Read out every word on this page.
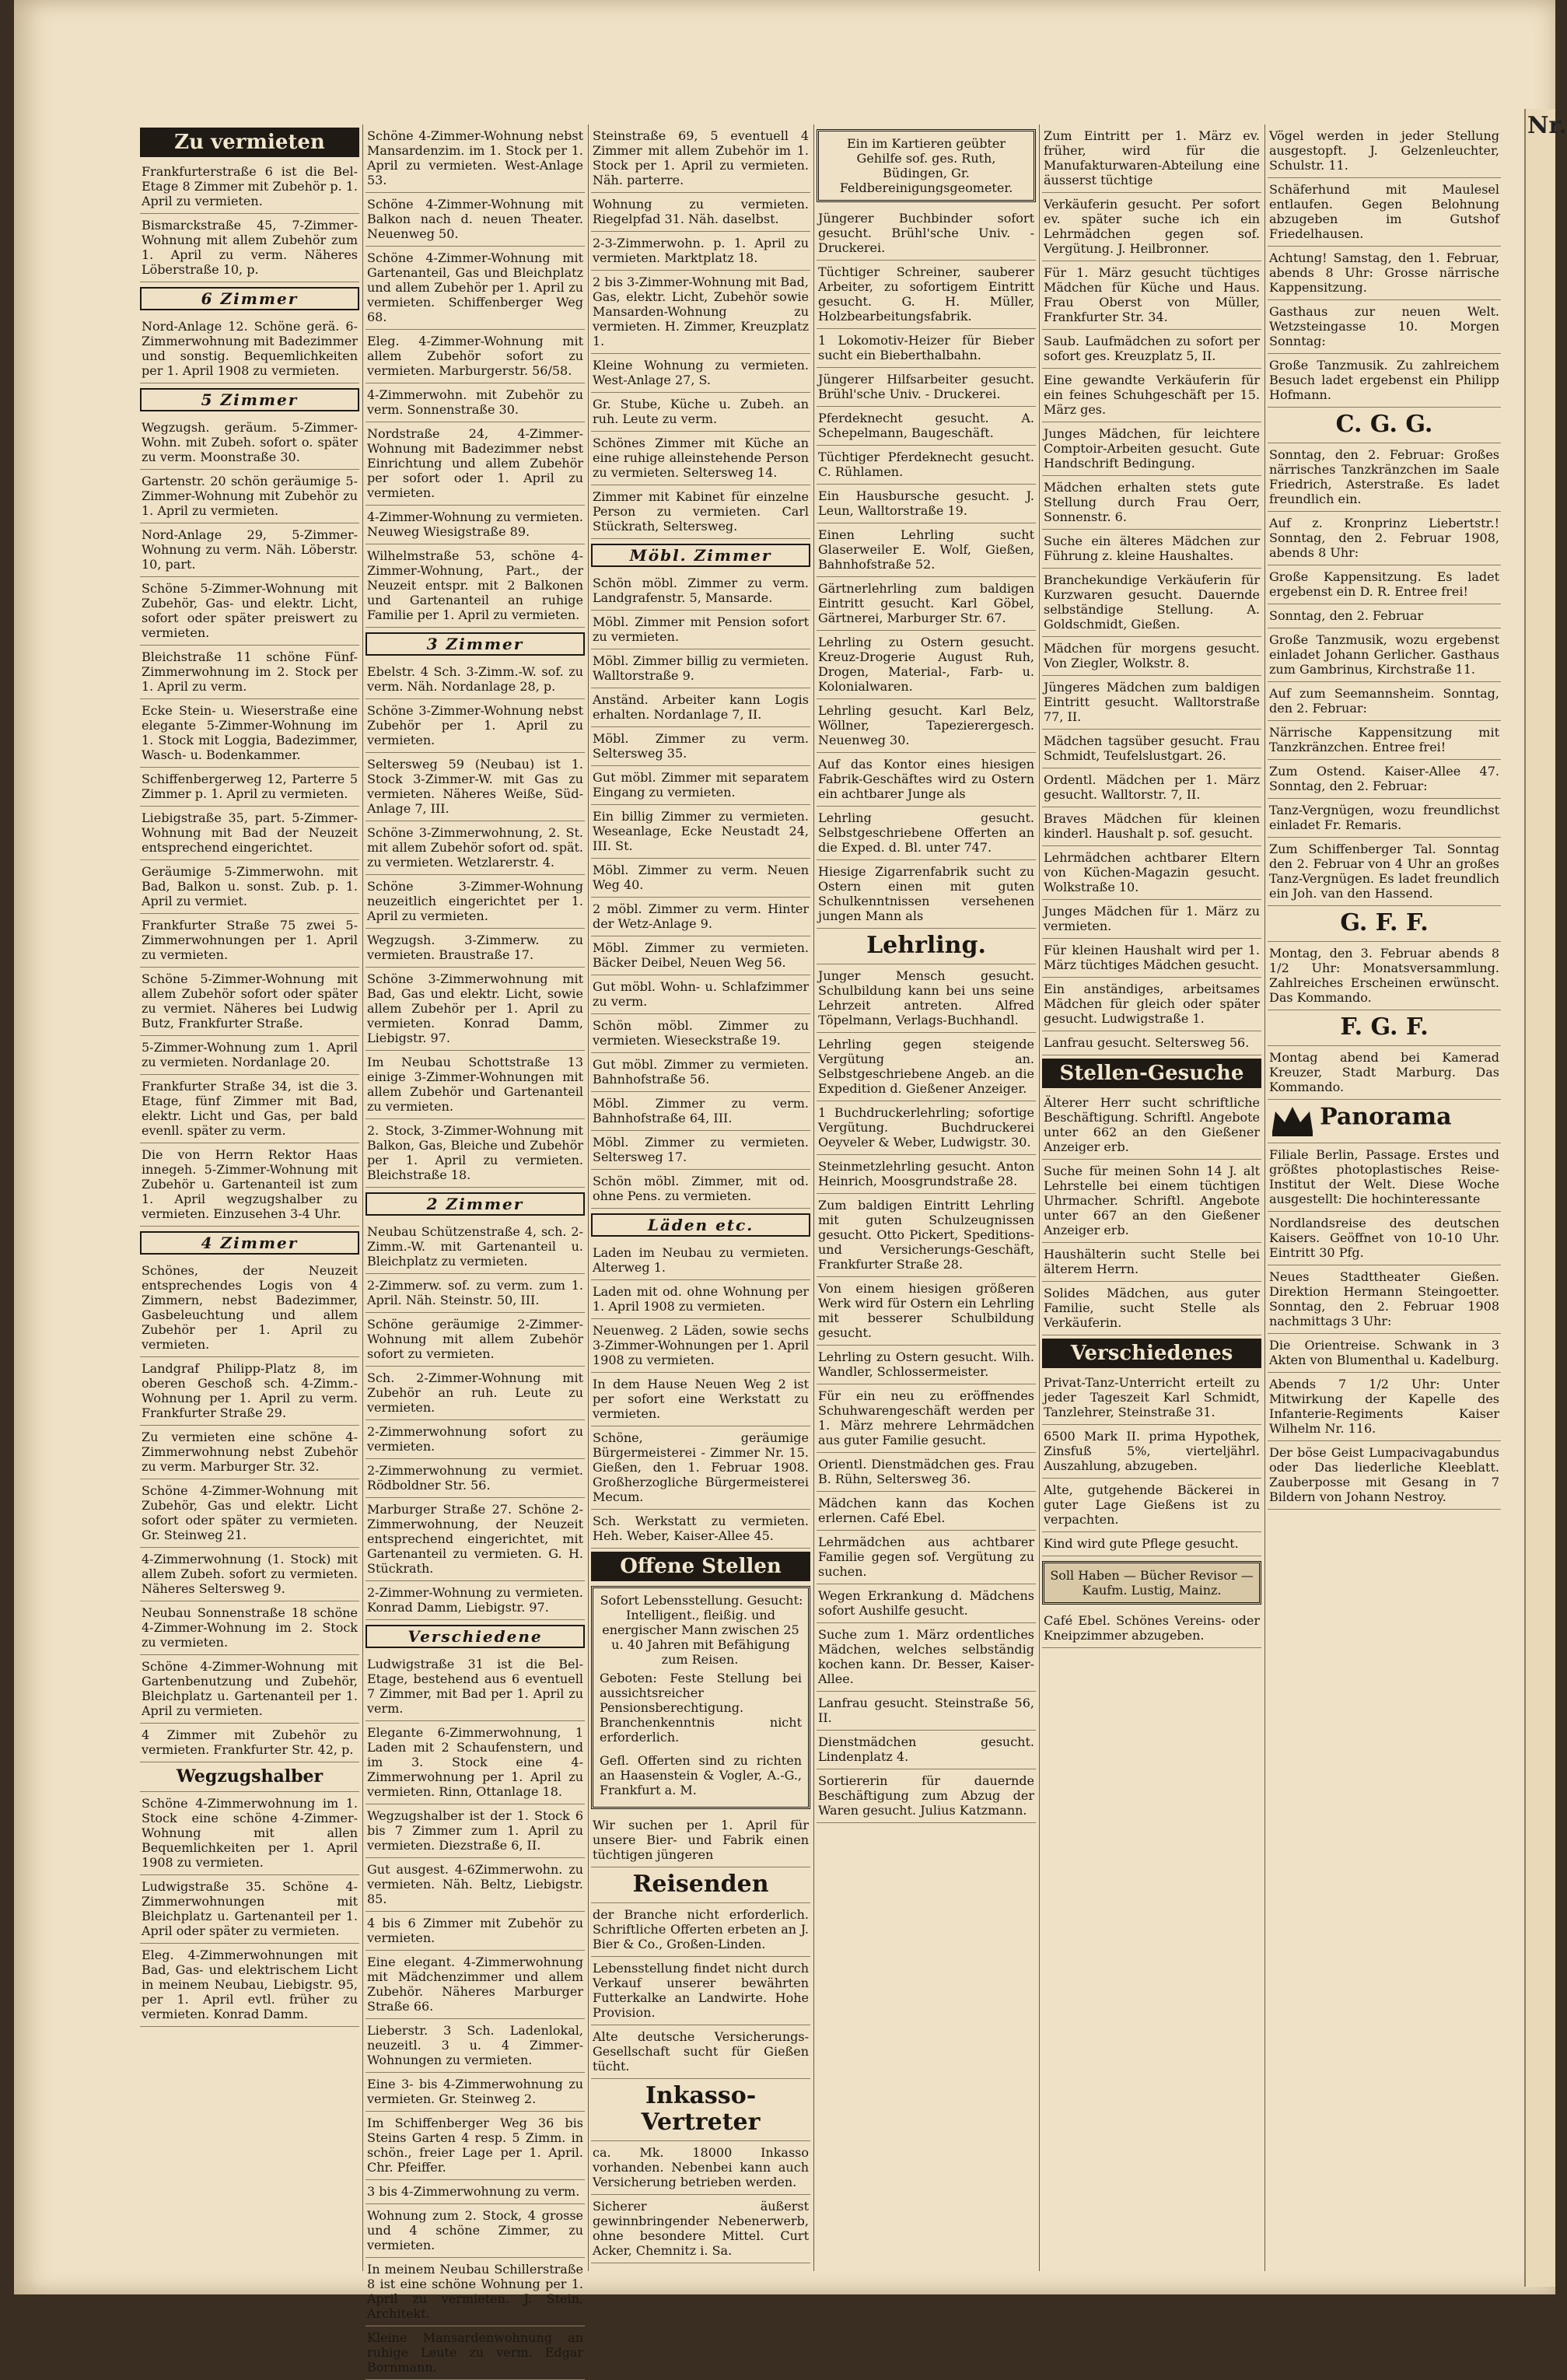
Nr.
Zu vermieten

Frankfurterstraße 6 ist die Bel-Etage 8 Zimmer mit Zubehör p. 1. April zu vermieten.

Bismarckstraße 45, 7-Zimmer-Wohnung mit allem Zubehör zum 1. April zu verm. Näheres Löberstraße 10, p.

6 Zimmer

Nord-Anlage 12. Schöne gerä. 6-Zimmerwohnung mit Badezimmer und sonstig. Bequemlichkeiten per 1. April 1908 zu vermieten.

5 Zimmer

Wegzugsh. geräum. 5-Zimmer-Wohn. mit Zubeh. sofort o. später zu verm. Moonstraße 30.

Gartenstr. 20 schön geräumige 5-Zimmer-Wohnung mit Zubehör zu 1. April zu vermieten.

Nord-Anlage 29, 5-Zimmer-Wohnung zu verm. Näh. Löberstr. 10, part.

Schöne 5-Zimmer-Wohnung mit Zubehör, Gas- und elektr. Licht, sofort oder später preiswert zu vermieten.

Bleichstraße 11 schöne Fünf-Zimmerwohnung im 2. Stock per 1. April zu verm.

Ecke Stein- u. Wieserstraße eine elegante 5-Zimmer-Wohnung im 1. Stock mit Loggia, Badezimmer, Wasch- u. Bodenkammer.

Schiffenbergerweg 12, Parterre 5 Zimmer p. 1. April zu vermieten.

Liebigstraße 35, part. 5-Zimmer-Wohnung mit Bad der Neuzeit entsprechend eingerichtet.

Geräumige 5-Zimmerwohn. mit Bad, Balkon u. sonst. Zub. p. 1. April zu vermiet.

Frankfurter Straße 75 zwei 5-Zimmerwohnungen per 1. April zu vermieten.

Schöne 5-Zimmer-Wohnung mit allem Zubehör sofort oder später zu vermiet. Näheres bei Ludwig Butz, Frankfurter Straße.

5-Zimmer-Wohnung zum 1. April zu vermieten. Nordanlage 20.

Frankfurter Straße 34, ist die 3. Etage, fünf Zimmer mit Bad, elektr. Licht und Gas, per bald evenll. später zu verm.

Die von Herrn Rektor Haas innegeh. 5-Zimmer-Wohnung mit Zubehör u. Gartenanteil ist zum 1. April wegzugshalber zu vermieten. Einzusehen 3-4 Uhr.

4 Zimmer

Schönes, der Neuzeit entsprechendes Logis von 4 Zimmern, nebst Badezimmer, Gasbeleuchtung und allem Zubehör per 1. April zu vermieten.

Landgraf Philipp-Platz 8, im oberen Geschoß sch. 4-Zimm.-Wohnung per 1. April zu verm. Frankfurter Straße 29.

Zu vermieten eine schöne 4-Zimmerwohnung nebst Zubehör zu verm. Marburger Str. 32.

Schöne 4-Zimmer-Wohnung mit Zubehör, Gas und elektr. Licht sofort oder später zu vermieten. Gr. Steinweg 21.

4-Zimmerwohnung (1. Stock) mit allem Zubeh. sofort zu vermieten. Näheres Seltersweg 9.

Neubau Sonnenstraße 18 schöne 4-Zimmer-Wohnung im 2. Stock zu vermieten.

Schöne 4-Zimmer-Wohnung mit Gartenbenutzung und Zubehör, Bleichplatz u. Gartenanteil per 1. April zu vermieten.

4 Zimmer mit Zubehör zu vermieten. Frankfurter Str. 42, p.

Wegzugshalber

Schöne 4-Zimmerwohnung im 1. Stock eine schöne 4-Zimmer-Wohnung mit allen Bequemlichkeiten per 1. April 1908 zu vermieten.

Ludwigstraße 35. Schöne 4-Zimmerwohnungen mit Bleichplatz u. Gartenanteil per 1. April oder später zu vermieten.

Eleg. 4-Zimmerwohnungen mit Bad, Gas- und elektrischem Licht in meinem Neubau, Liebigstr. 95, per 1. April evtl. früher zu vermieten. Konrad Damm.

Schöne 4-Zimmer-Wohnung nebst Mansardenzim. im 1. Stock per 1. April zu vermieten. West-Anlage 53.

Schöne 4-Zimmer-Wohnung mit Balkon nach d. neuen Theater. Neuenweg 50.

Schöne 4-Zimmer-Wohnung mit Gartenanteil, Gas und Bleichplatz und allem Zubehör per 1. April zu vermieten. Schiffenberger Weg 68.

Eleg. 4-Zimmer-Wohnung mit allem Zubehör sofort zu vermieten. Marburgerstr. 56/58.

4-Zimmerwohn. mit Zubehör zu verm. Sonnenstraße 30.

Nordstraße 24, 4-Zimmer-Wohnung mit Badezimmer nebst Einrichtung und allem Zubehör per sofort oder 1. April zu vermieten.

4-Zimmer-Wohnung zu vermieten. Neuweg Wiesigstraße 89.

Wilhelmstraße 53, schöne 4-Zimmer-Wohnung, Part., der Neuzeit entspr. mit 2 Balkonen und Gartenanteil an ruhige Familie per 1. April zu vermieten.

3 Zimmer

Ebelstr. 4 Sch. 3-Zimm.-W. sof. zu verm. Näh. Nordanlage 28, p.

Schöne 3-Zimmer-Wohnung nebst Zubehör per 1. April zu vermieten.

Seltersweg 59 (Neubau) ist 1. Stock 3-Zimmer-W. mit Gas zu vermieten. Näheres Weiße, Süd-Anlage 7, III.

Schöne 3-Zimmerwohnung, 2. St. mit allem Zubehör sofort od. spät. zu vermieten. Wetzlarerstr. 4.

Schöne 3-Zimmer-Wohnung neuzeitlich eingerichtet per 1. April zu vermieten.

Wegzugsh. 3-Zimmerw. zu vermieten. Braustraße 17.

Schöne 3-Zimmerwohnung mit Bad, Gas und elektr. Licht, sowie allem Zubehör per 1. April zu vermieten. Konrad Damm, Liebigstr. 97.

Im Neubau Schottstraße 13 einige 3-Zimmer-Wohnungen mit allem Zubehör und Gartenanteil zu vermieten.

2. Stock, 3-Zimmer-Wohnung mit Balkon, Gas, Bleiche und Zubehör per 1. April zu vermieten. Bleichstraße 18.

2 Zimmer

Neubau Schützenstraße 4, sch. 2-Zimm.-W. mit Gartenanteil u. Bleichplatz zu vermieten.

2-Zimmerw. sof. zu verm. zum 1. April. Näh. Steinstr. 50, III.

Schöne geräumige 2-Zimmer-Wohnung mit allem Zubehör sofort zu vermieten.

Sch. 2-Zimmer-Wohnung mit Zubehör an ruh. Leute zu vermieten.

2-Zimmerwohnung sofort zu vermieten.

2-Zimmerwohnung zu vermiet. Rödboldner Str. 56.

Marburger Straße 27. Schöne 2-Zimmerwohnung, der Neuzeit entsprechend eingerichtet, mit Gartenanteil zu vermieten. G. H. Stückrath.

2-Zimmer-Wohnung zu vermieten. Konrad Damm, Liebigstr. 97.

Verschiedene

Ludwigstraße 31 ist die Bel-Etage, bestehend aus 6 eventuell 7 Zimmer, mit Bad per 1. April zu verm.

Elegante 6-Zimmerwohnung, 1 Laden mit 2 Schaufenstern, und im 3. Stock eine 4-Zimmerwohnung per 1. April zu vermieten. Rinn, Ottanlage 18.

Wegzugshalber ist der 1. Stock 6 bis 7 Zimmer zum 1. April zu vermieten. Diezstraße 6, II.

Gut ausgest. 4-6Zimmerwohn. zu vermieten. Näh. Beltz, Liebigstr. 85.

4 bis 6 Zimmer mit Zubehör zu vermieten.

Eine elegant. 4-Zimmerwohnung mit Mädchenzimmer und allem Zubehör. Näheres Marburger Straße 66.

Lieberstr. 3 Sch. Ladenlokal, neuzeitl. 3 u. 4 Zimmer-Wohnungen zu vermieten.

Eine 3- bis 4-Zimmerwohnung zu vermieten. Gr. Steinweg 2.

Im Schiffenberger Weg 36 bis Steins Garten 4 resp. 5 Zimm. in schön., freier Lage per 1. April. Chr. Pfeiffer.

3 bis 4-Zimmerwohnung zu verm.

Wohnung zum 2. Stock, 4 grosse und 4 schöne Zimmer, zu vermieten.

In meinem Neubau Schillerstraße 8 ist eine schöne Wohnung per 1. April zu vermieten. J. Stein, Architekt.

Kleine Mansardenwohnung an ruhige Leute zu verm. Edgar Bornmann.

Steinstraße 69, 5 eventuell 4 Zimmer mit allem Zubehör im 1. Stock per 1. April zu vermieten. Näh. parterre.

Wohnung zu vermieten. Riegelpfad 31. Näh. daselbst.

2-3-Zimmerwohn. p. 1. April zu vermieten. Marktplatz 18.

2 bis 3-Zimmer-Wohnung mit Bad, Gas, elektr. Licht, Zubehör sowie Mansarden-Wohnung zu vermieten. H. Zimmer, Kreuzplatz 1.

Kleine Wohnung zu vermieten. West-Anlage 27, S.

Gr. Stube, Küche u. Zubeh. an ruh. Leute zu verm.

Schönes Zimmer mit Küche an eine ruhige alleinstehende Person zu vermieten. Seltersweg 14.

Zimmer mit Kabinet für einzelne Person zu vermieten. Carl Stückrath, Seltersweg.

Möbl. Zimmer

Schön möbl. Zimmer zu verm. Landgrafenstr. 5, Mansarde.

Möbl. Zimmer mit Pension sofort zu vermieten.

Möbl. Zimmer billig zu vermieten. Walltorstraße 9.

Anständ. Arbeiter kann Logis erhalten. Nordanlage 7, II.

Möbl. Zimmer zu verm. Seltersweg 35.

Gut möbl. Zimmer mit separatem Eingang zu vermieten.

Ein billig Zimmer zu vermieten. Weseanlage, Ecke Neustadt 24, III. St.

Möbl. Zimmer zu verm. Neuen Weg 40.

2 möbl. Zimmer zu verm. Hinter der Wetz-Anlage 9.

Möbl. Zimmer zu vermieten. Bäcker Deibel, Neuen Weg 56.

Gut möbl. Wohn- u. Schlafzimmer zu verm.

Schön möbl. Zimmer zu vermieten. Wieseckstraße 19.

Gut möbl. Zimmer zu vermieten. Bahnhofstraße 56.

Möbl. Zimmer zu verm. Bahnhofstraße 64, III.

Möbl. Zimmer zu vermieten. Seltersweg 17.

Schön möbl. Zimmer, mit od. ohne Pens. zu vermieten.

Läden etc.

Laden im Neubau zu vermieten. Alterweg 1.

Laden mit od. ohne Wohnung per 1. April 1908 zu vermieten.

Neuenweg. 2 Läden, sowie sechs 3-Zimmer-Wohnungen per 1. April 1908 zu vermieten.

In dem Hause Neuen Weg 2 ist per sofort eine Werkstatt zu vermieten.

Schöne, geräumige Bürgermeisterei - Zimmer Nr. 15. Gießen, den 1. Februar 1908. Großherzogliche Bürgermeisterei Mecum.

Sch. Werkstatt zu vermieten. Heh. Weber, Kaiser-Allee 45.

Offene Stellen
Sofort Lebensstellung. Gesucht: Intelligent., fleißig. und energischer Mann zwischen 25 u. 40 Jahren mit Befähigung zum Reisen.
Geboten: Feste Stellung bei aussichtsreicher Pensionsberechtigung. Branchenkenntnis nicht erforderlich.
Gefl. Offerten sind zu richten an Haasenstein & Vogler, A.-G., Frankfurt a. M.

Wir suchen per 1. April für unsere Bier- und Fabrik einen tüchtigen jüngeren

Reisenden

der Branche nicht erforderlich. Schriftliche Offerten erbeten an J. Bier & Co., Großen-Linden.

Lebensstellung findet nicht durch Verkauf unserer bewährten Futterkalke an Landwirte. Hohe Provision.

Alte deutsche Versicherungs-Gesellschaft sucht für Gießen tücht.

Inkasso-Vertreter

ca. Mk. 18000 Inkasso vorhanden. Nebenbei kann auch Versicherung betrieben werden.

Sicherer äußerst gewinnbringender Nebenerwerb, ohne besondere Mittel. Curt Acker, Chemnitz i. Sa.

Ein im Kartieren geübter Gehilfe sof. ges. Ruth, Büdingen, Gr. Feldbereinigungsgeometer.

Jüngerer Buchbinder sofort gesucht. Brühl'sche Univ. - Druckerei.

Tüchtiger Schreiner, sauberer Arbeiter, zu sofortigem Eintritt gesucht. G. H. Müller, Holzbearbeitungsfabrik.

1 Lokomotiv-Heizer für Bieber sucht ein Bieberthalbahn.

Jüngerer Hilfsarbeiter gesucht. Brühl'sche Univ. - Druckerei.

Pferdeknecht gesucht. A. Schepelmann, Baugeschäft.

Tüchtiger Pferdeknecht gesucht. C. Rühlamen.

Ein Hausbursche gesucht. J. Leun, Walltorstraße 19.

Einen Lehrling sucht Glaserweiler E. Wolf, Gießen, Bahnhofstraße 52.

Gärtnerlehrling zum baldigen Eintritt gesucht. Karl Göbel, Gärtnerei, Marburger Str. 67.

Lehrling zu Ostern gesucht. Kreuz-Drogerie August Ruh, Drogen, Material-, Farb- u. Kolonialwaren.

Lehrling gesucht. Karl Belz, Wöllner, Tapezierergesch. Neuenweg 30.

Auf das Kontor eines hiesigen Fabrik-Geschäftes wird zu Ostern ein achtbarer Junge als

Lehrling gesucht. Selbstgeschriebene Offerten an die Exped. d. Bl. unter 747.

Hiesige Zigarrenfabrik sucht zu Ostern einen mit guten Schulkenntnissen versehenen jungen Mann als

Lehrling.

Junger Mensch gesucht. Schulbildung kann bei uns seine Lehrzeit antreten. Alfred Töpelmann, Verlags-Buchhandl.

Lehrling gegen steigende Vergütung an. Selbstgeschriebene Angeb. an die Expedition d. Gießener Anzeiger.

1 Buchdruckerlehrling; sofortige Vergütung. Buchdruckerei Oeyveler & Weber, Ludwigstr. 30.

Steinmetzlehrling gesucht. Anton Heinrich, Moosgrundstraße 28.

Zum baldigen Eintritt Lehrling mit guten Schulzeugnissen gesucht. Otto Pickert, Speditions- und Versicherungs-Geschäft, Frankfurter Straße 28.

Von einem hiesigen größeren Werk wird für Ostern ein Lehrling mit besserer Schulbildung gesucht.

Lehrling zu Ostern gesucht. Wilh. Wandler, Schlossermeister.

Für ein neu zu eröffnendes Schuhwarengeschäft werden per 1. März mehrere Lehrmädchen aus guter Familie gesucht.

Orientl. Dienstmädchen ges. Frau B. Rühn, Seltersweg 36.

Mädchen kann das Kochen erlernen. Café Ebel.

Lehrmädchen aus achtbarer Familie gegen sof. Vergütung zu suchen.

Wegen Erkrankung d. Mädchens sofort Aushilfe gesucht.

Suche zum 1. März ordentliches Mädchen, welches selbständig kochen kann. Dr. Besser, Kaiser-Allee.

Lanfrau gesucht. Steinstraße 56, II.

Dienstmädchen gesucht. Lindenplatz 4.

Sortiererin für dauernde Beschäftigung zum Abzug der Waren gesucht. Julius Katzmann.

Zum Eintritt per 1. März ev. früher, wird für die Manufakturwaren-Abteilung eine äusserst tüchtige

Verkäuferin gesucht. Per sofort ev. später suche ich ein Lehrmädchen gegen sof. Vergütung. J. Heilbronner.

Für 1. März gesucht tüchtiges Mädchen für Küche und Haus. Frau Oberst von Müller, Frankfurter Str. 34.

Saub. Laufmädchen zu sofort per sofort ges. Kreuzplatz 5, II.

Eine gewandte Verkäuferin für ein feines Schuhgeschäft per 15. März ges.

Junges Mädchen, für leichtere Comptoir-Arbeiten gesucht. Gute Handschrift Bedingung.

Mädchen erhalten stets gute Stellung durch Frau Oerr, Sonnenstr. 6.

Suche ein älteres Mädchen zur Führung z. kleine Haushaltes.

Branchekundige Verkäuferin für Kurzwaren gesucht. Dauernde selbständige Stellung. A. Goldschmidt, Gießen.

Mädchen für morgens gesucht. Von Ziegler, Wolkstr. 8.

Jüngeres Mädchen zum baldigen Eintritt gesucht. Walltorstraße 77, II.

Mädchen tagsüber gesucht. Frau Schmidt, Teufelslustgart. 26.

Ordentl. Mädchen per 1. März gesucht. Walltorstr. 7, II.

Braves Mädchen für kleinen kinderl. Haushalt p. sof. gesucht.

Lehrmädchen achtbarer Eltern von Küchen-Magazin gesucht. Wolkstraße 10.

Junges Mädchen für 1. März zu vermieten.

Für kleinen Haushalt wird per 1. März tüchtiges Mädchen gesucht.

Ein anständiges, arbeitsames Mädchen für gleich oder später gesucht. Ludwigstraße 1.

Lanfrau gesucht. Seltersweg 56.

Stellen-Gesuche

Älterer Herr sucht schriftliche Beschäftigung. Schriftl. Angebote unter 662 an den Gießener Anzeiger erb.

Suche für meinen Sohn 14 J. alt Lehrstelle bei einem tüchtigen Uhrmacher. Schriftl. Angebote unter 667 an den Gießener Anzeiger erb.

Haushälterin sucht Stelle bei älterem Herrn.

Solides Mädchen, aus guter Familie, sucht Stelle als Verkäuferin.

Verschiedenes

Privat-Tanz-Unterricht erteilt zu jeder Tageszeit Karl Schmidt, Tanzlehrer, Steinstraße 31.

6500 Mark II. prima Hypothek, Zinsfuß 5%, vierteljährl. Auszahlung, abzugeben.

Alte, gutgehende Bäckerei in guter Lage Gießens ist zu verpachten.

Kind wird gute Pflege gesucht.

Soll Haben — Bücher Revisor — Kaufm. Lustig, Mainz.

Café Ebel. Schönes Vereins- oder Kneipzimmer abzugeben.

Vögel werden in jeder Stellung ausgestopft. J. Gelzenleuchter, Schulstr. 11.

Schäferhund mit Maulesel entlaufen. Gegen Belohnung abzugeben im Gutshof Friedelhausen.

Achtung! Samstag, den 1. Februar, abends 8 Uhr: Grosse närrische Kappensitzung.

Gasthaus zur neuen Welt. Wetzsteingasse 10. Morgen Sonntag:

Große Tanzmusik. Zu zahlreichem Besuch ladet ergebenst ein Philipp Hofmann.

C. G. G.

Sonntag, den 2. Februar: Großes närrisches Tanzkränzchen im Saale Friedrich, Asterstraße. Es ladet freundlich ein.

Auf z. Kronprinz Liebertstr.! Sonntag, den 2. Februar 1908, abends 8 Uhr:

Große Kappensitzung. Es ladet ergebenst ein D. R. Entree frei!

Sonntag, den 2. Februar

Große Tanzmusik, wozu ergebenst einladet Johann Gerlicher. Gasthaus zum Gambrinus, Kirchstraße 11.

Auf zum Seemannsheim. Sonntag, den 2. Februar:

Närrische Kappensitzung mit Tanzkränzchen. Entree frei!

Zum Ostend. Kaiser-Allee 47. Sonntag, den 2. Februar:

Tanz-Vergnügen, wozu freundlichst einladet Fr. Remaris.

Zum Schiffenberger Tal. Sonntag den 2. Februar von 4 Uhr an großes Tanz-Vergnügen. Es ladet freundlich ein Joh. van den Hassend.

G. F. F.

Montag, den 3. Februar abends 8 1/2 Uhr: Monatsversammlung. Zahlreiches Erscheinen erwünscht. Das Kommando.

F. G. F.

Montag abend bei Kamerad Kreuzer, Stadt Marburg. Das Kommando.

Panorama

Filiale Berlin, Passage. Erstes und größtes photoplastisches Reise-Institut der Welt. Diese Woche ausgestellt: Die hochinteressante

Nordlandsreise des deutschen Kaisers. Geöffnet von 10-10 Uhr. Eintritt 30 Pfg.

Neues Stadttheater Gießen. Direktion Hermann Steingoetter. Sonntag, den 2. Februar 1908 nachmittags 3 Uhr:

Die Orientreise. Schwank in 3 Akten von Blumenthal u. Kadelburg.

Abends 7 1/2 Uhr: Unter Mitwirkung der Kapelle des Infanterie-Regiments Kaiser Wilhelm Nr. 116.

Der böse Geist Lumpacivagabundus oder Das liederliche Kleeblatt. Zauberposse mit Gesang in 7 Bildern von Johann Nestroy.
